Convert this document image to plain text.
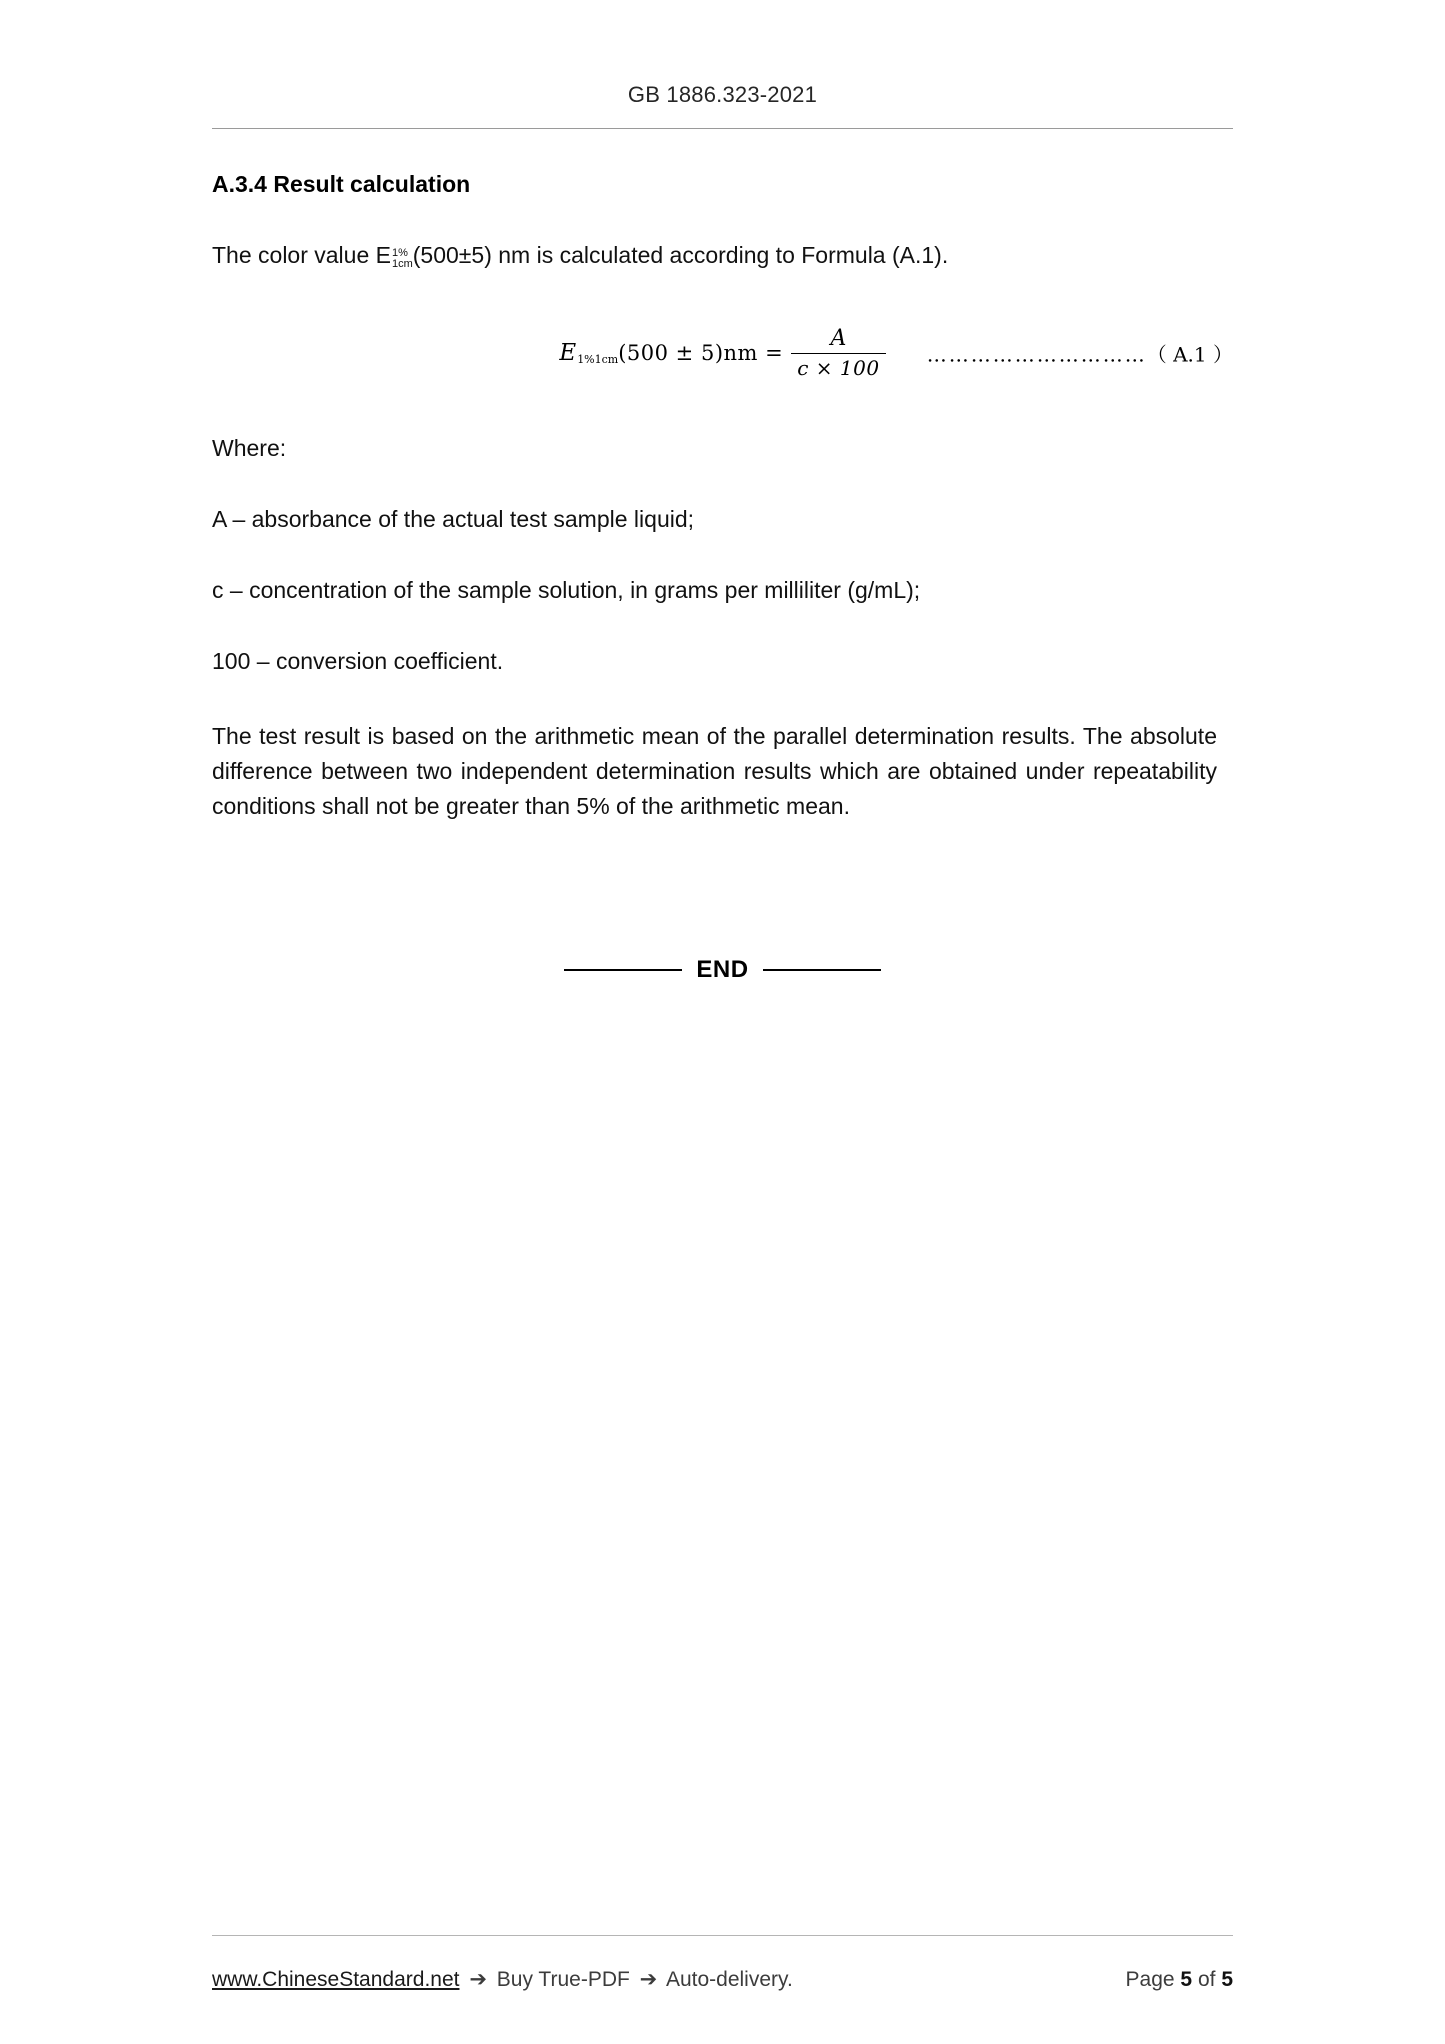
GB 1886.323-2021
A.3.4 Result calculation

The color value E 1%
1cm (500±5) nm is calculated according to Formula (A.1).

$E1\%1cm(500 \pm 5)nm = \frac{A}{c \times 100}$ …………………………（ A.1 ）

Where:

A – absorbance of the actual test sample liquid;

c – concentration of the sample solution, in grams per milliliter (g/mL);

100 – conversion coefficient.

The test result is based on the arithmetic mean of the parallel determination results. The absolute difference between two independent determination results which are obtained under repeatability conditions shall not be greater than 5% of the arithmetic mean.

END
www.ChineseStandard.net ➔ Buy True-PDF ➔ Auto-delivery.	Page 5 of 5
